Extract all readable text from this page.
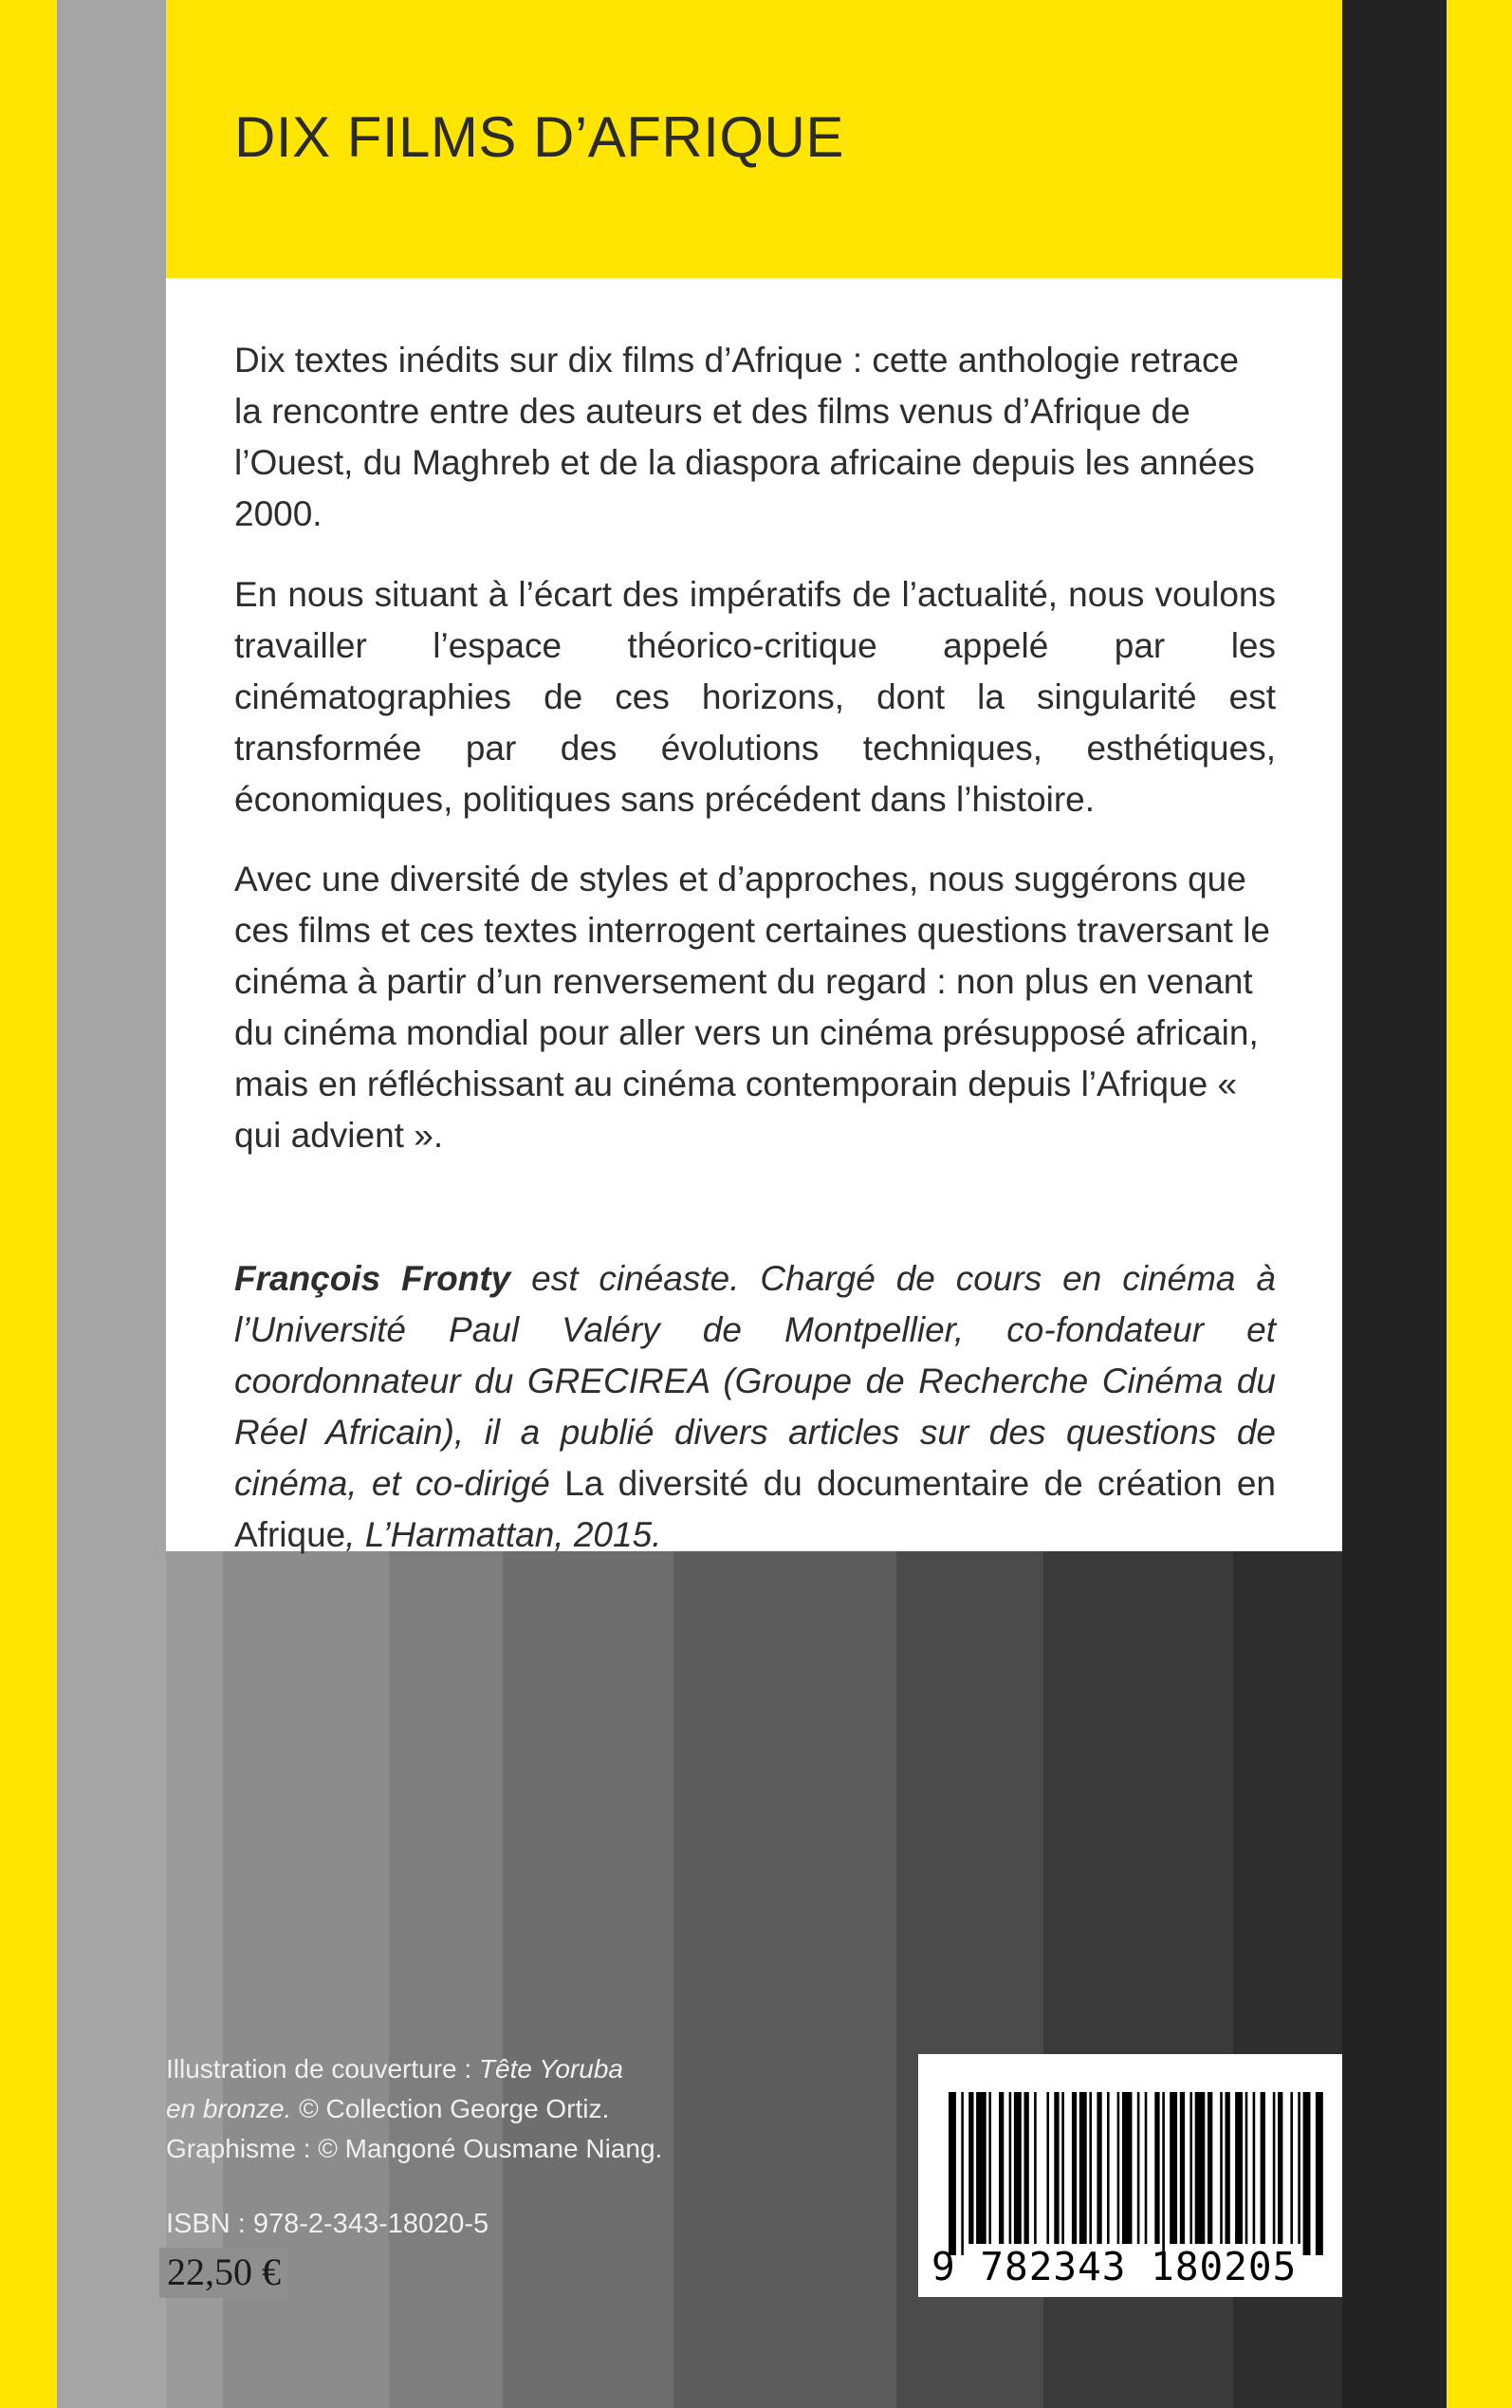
DIX FILMS D’AFRIQUE

Dix textes inédits sur dix films d’Afrique : cette anthologie retrace la rencontre entre des auteurs et des films venus d’Afrique de l’Ouest, du Maghreb et de la diaspora africaine depuis les années 2000.

En nous situant à l’écart des impératifs de l’actualité, nous voulons travailler l’espace théorico-critique appelé par les cinématographies de ces horizons, dont la singularité est transformée par des évolutions techniques, esthétiques, économiques, politiques sans précédent dans l’histoire.

Avec une diversité de styles et d’approches, nous suggérons que ces films et ces textes interrogent certaines questions traversant le cinéma à partir d’un renversement du regard : non plus en venant du cinéma mondial pour aller vers un cinéma présupposé africain, mais en réfléchissant au cinéma contemporain depuis l’Afrique « qui advient ».

François Fronty est cinéaste. Chargé de cours en cinéma à l’Université Paul Valéry de Montpellier, co-fondateur et coordonnateur du GRECIREA (Groupe de Recherche Cinéma du Réel Africain), il a publié divers articles sur des questions de cinéma, et co-dirigé La diversité du documentaire de création en Afrique, L’Harmattan, 2015.

Illustration de couverture : Tête Yoruba
en bronze. © Collection George Ortiz.
Graphisme : © Mangoné Ousmane Niang.

ISBN : 978-2-343-18020-5

22,50 €	9 782343 180205
